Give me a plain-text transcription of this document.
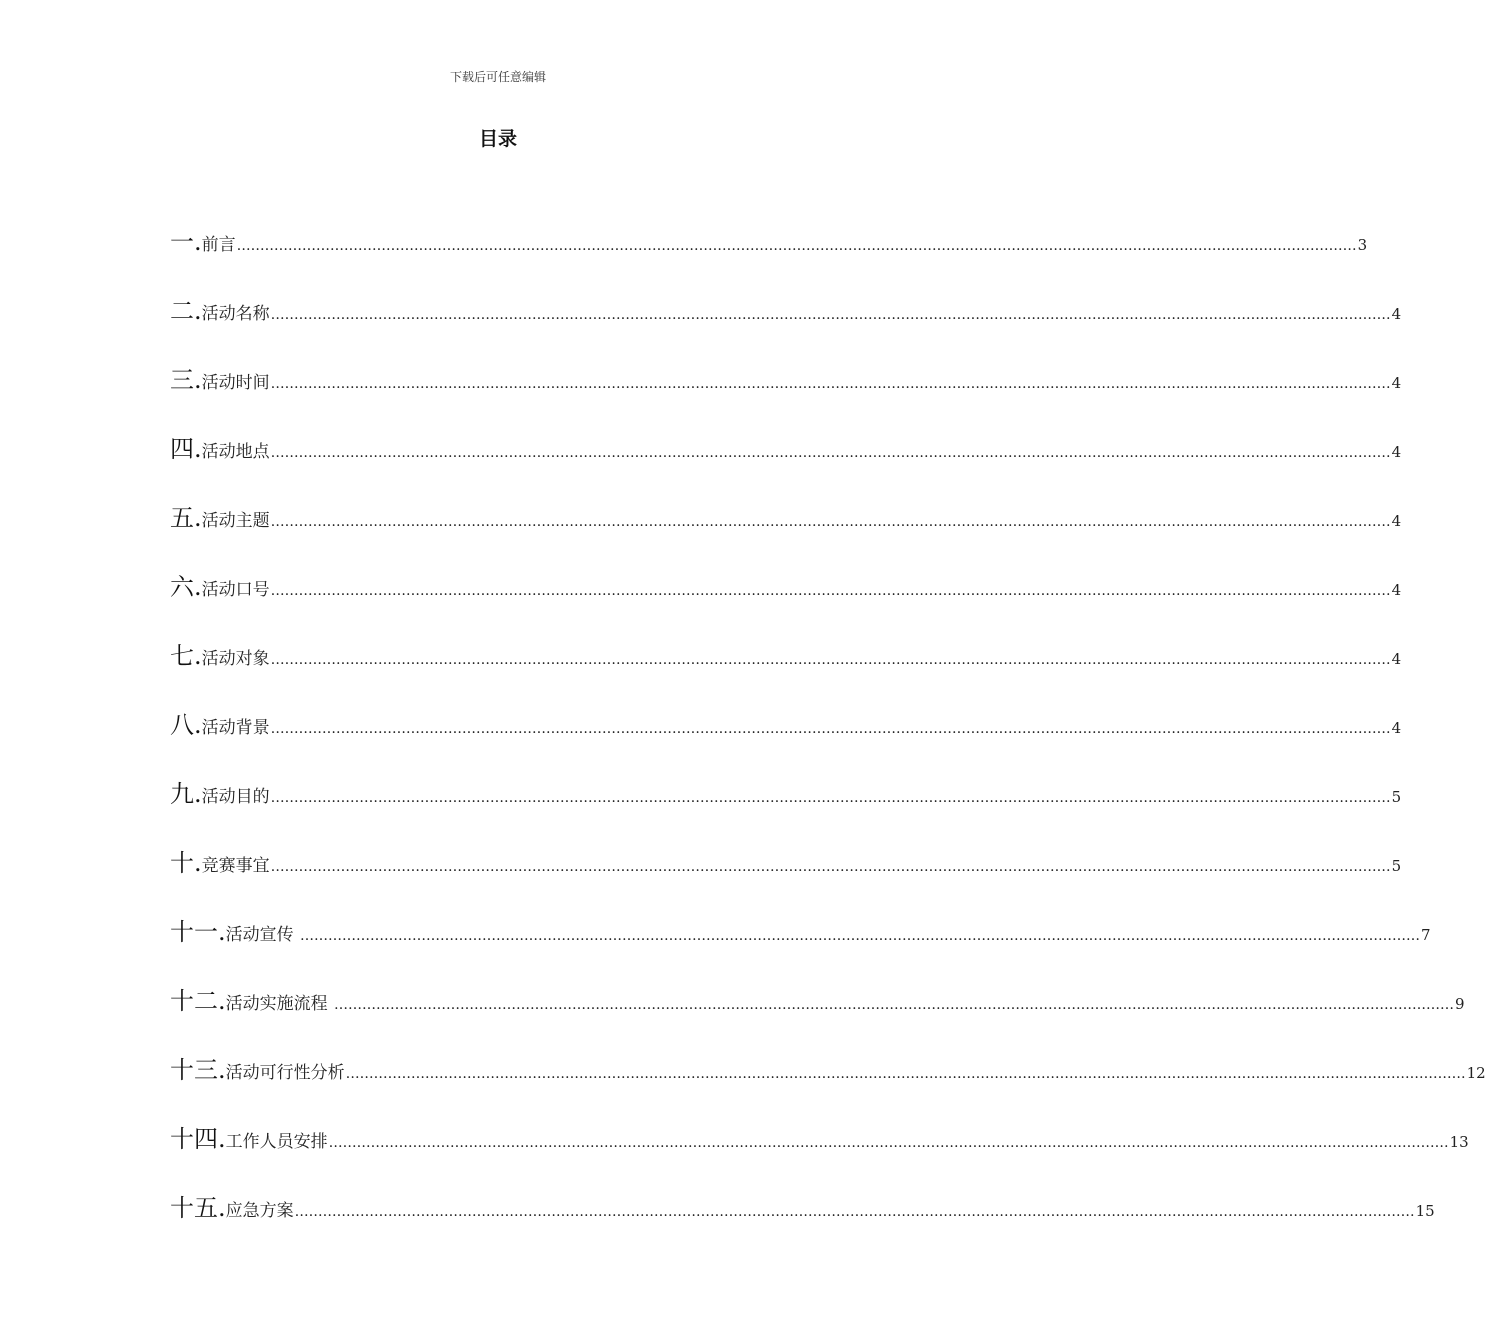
下载后可任意编辑
目录
一. 前言 …………………………………………………………………………………………………………………………………………………………………………………………………………………… 3
二. 活动名称 …………………………………………………………………………………………………………………………………………………………………………………………………………………… 4
三. 活动时间 …………………………………………………………………………………………………………………………………………………………………………………………………………………… 4
四. 活动地点 …………………………………………………………………………………………………………………………………………………………………………………………………………………… 4
五. 活动主题 …………………………………………………………………………………………………………………………………………………………………………………………………………………… 4
六. 活动口号 …………………………………………………………………………………………………………………………………………………………………………………………………………………… 4
七. 活动对象 …………………………………………………………………………………………………………………………………………………………………………………………………………………… 4
八. 活动背景 …………………………………………………………………………………………………………………………………………………………………………………………………………………… 4
九. 活动目的 …………………………………………………………………………………………………………………………………………………………………………………………………………………… 5
十. 竞赛事宜 …………………………………………………………………………………………………………………………………………………………………………………………………………………… 5
十一. 活动宣传 …………………………………………………………………………………………………………………………………………………………………………………………………………………… 7
十二. 活动实施流程 …………………………………………………………………………………………………………………………………………………………………………………………………………………… 9
十三. 活动可行性分析 …………………………………………………………………………………………………………………………………………………………………………………………………………………… 12
十四. 工作人员安排 …………………………………………………………………………………………………………………………………………………………………………………………………………………… 13
十五. 应急方案 …………………………………………………………………………………………………………………………………………………………………………………………………………………… 15
